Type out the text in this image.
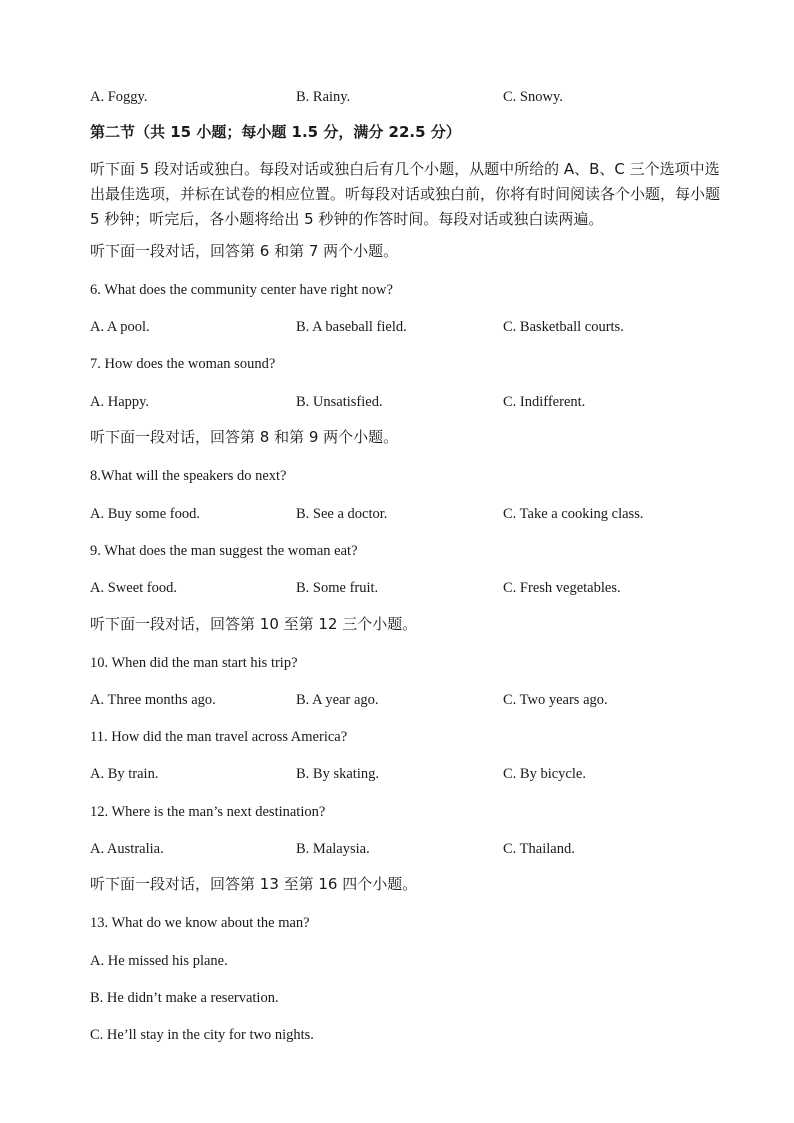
A. Foggy.	B. Rainy.	C. Snowy.
第二节（共 15 小题；每小题 1.5 分，满分 22.5 分）
听下面 5 段对话或独白。每段对话或独白后有几个小题，从题中所给的 A、B、C 三个选项中选出最佳选项，并标在试卷的相应位置。听每段对话或独白前，你将有时间阅读各个小题，每小题 5 秒钟；听完后，各小题将给出 5 秒钟的作答时间。每段对话或独白读两遍。
听下面一段对话，回答第 6 和第 7 两个小题。
6. What does the community center have right now?
A. A pool.	B. A baseball field.	C. Basketball courts.
7. How does the woman sound?
A. Happy.	B. Unsatisfied.	C. Indifferent.
听下面一段对话，回答第 8 和第 9 两个小题。
8.What will the speakers do next?
A. Buy some food.	B. See a doctor.	C. Take a cooking class.
9. What does the man suggest the woman eat?
A. Sweet food.	B. Some fruit.	C. Fresh vegetables.
听下面一段对话，回答第 10 至第 12 三个小题。
10. When did the man start his trip?
A. Three months ago.	B. A year ago.	C. Two years ago.
11. How did the man travel across America?
A. By train.	B. By skating.	C. By bicycle.
12. Where is the man’s next destination?
A. Australia.	B. Malaysia.	C. Thailand.
听下面一段对话，回答第 13 至第 16 四个小题。
13. What do we know about the man?
A. He missed his plane.
B. He didn’t make a reservation.
C. He’ll stay in the city for two nights.
